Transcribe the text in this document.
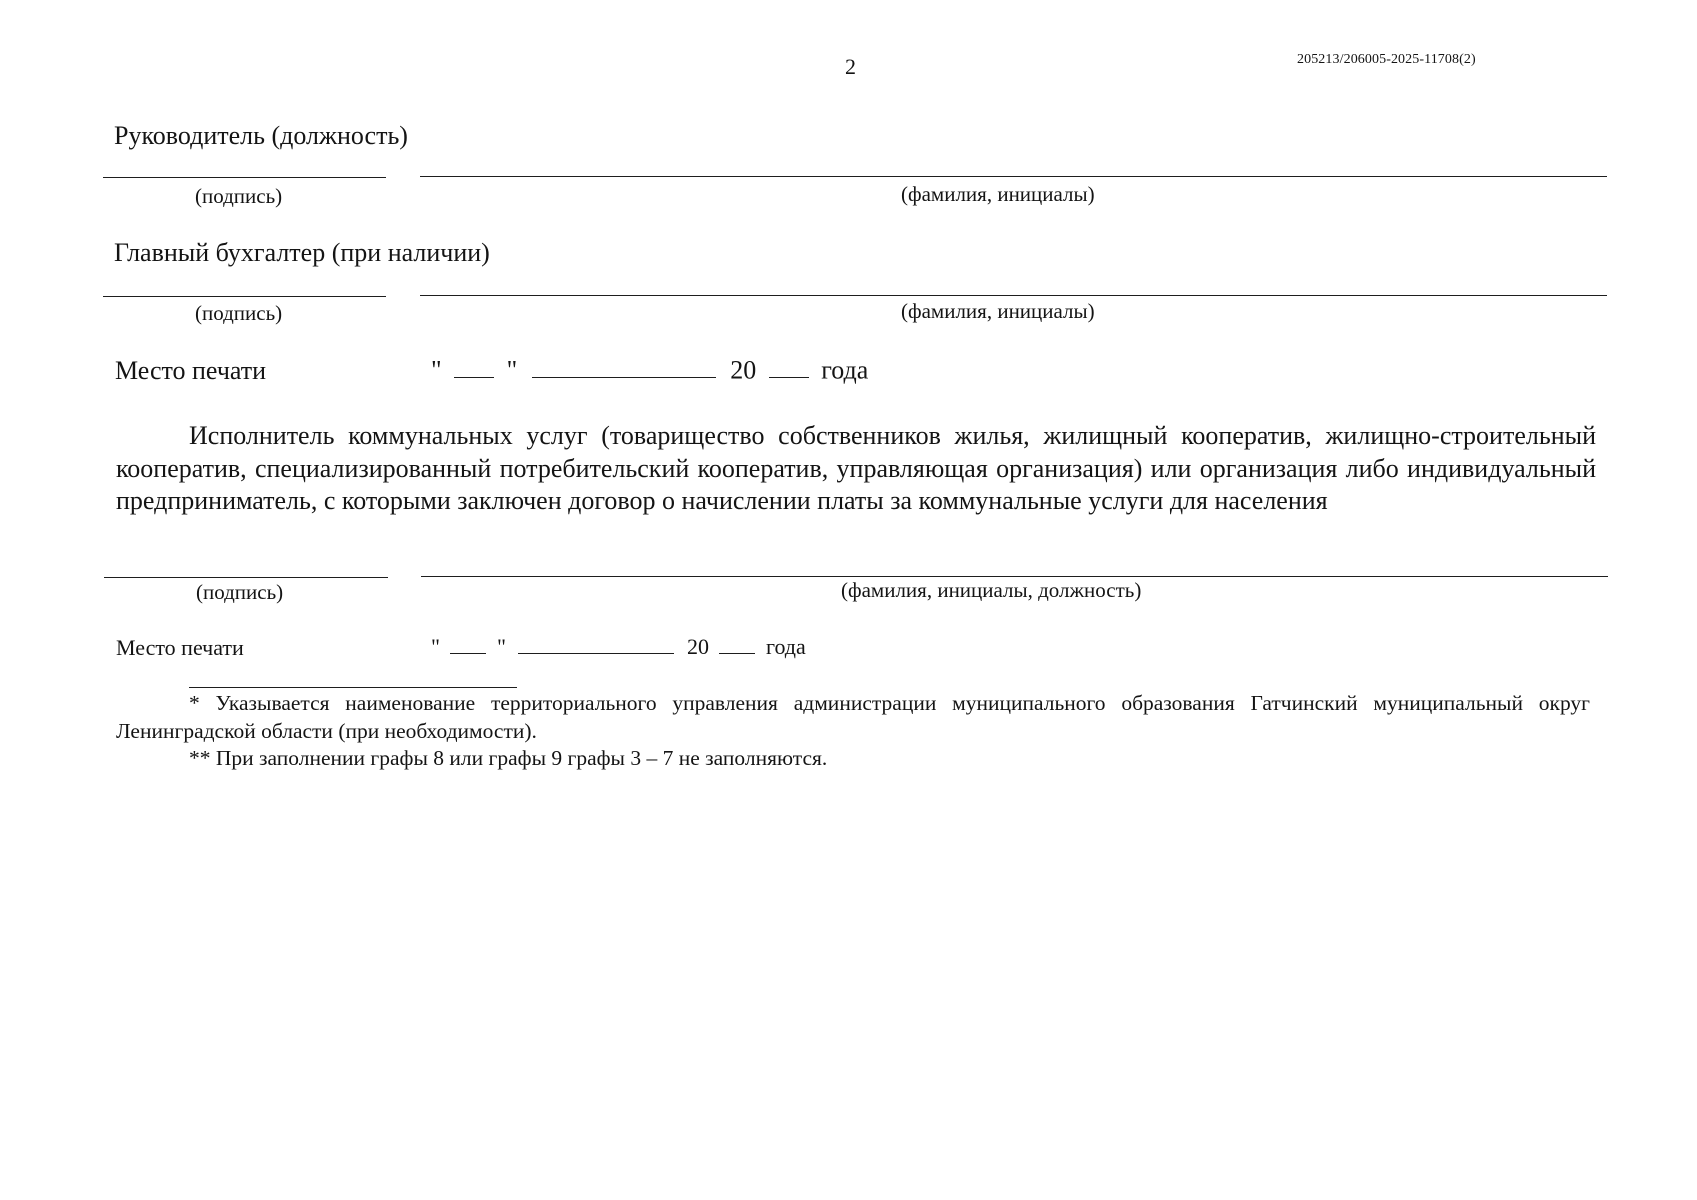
2	205213/206005-2025-11708(2)
Руководитель (должность)
(подпись)	(фамилия, инициалы)
Главный бухгалтер (при наличии)
(подпись)	(фамилия, инициалы)
Место печати	"	"	20	года
Исполнитель коммунальных услуг (товарищество собственников жилья, жилищный кооператив, жилищно-строительный кооператив, специализированный потребительский кооператив, управляющая организация) или организация либо индивидуальный предприниматель, с которыми заключен договор о начислении платы за коммунальные услуги для населения
(подпись)	(фамилия, инициалы, должность)
Место печати	"	"	20	года

* Указывается наименование территориального управления администрации муниципального образования Гатчинский муниципальный округ Ленинградской области (при необходимости).

** При заполнении графы 8 или графы 9 графы 3 – 7 не заполняются.
